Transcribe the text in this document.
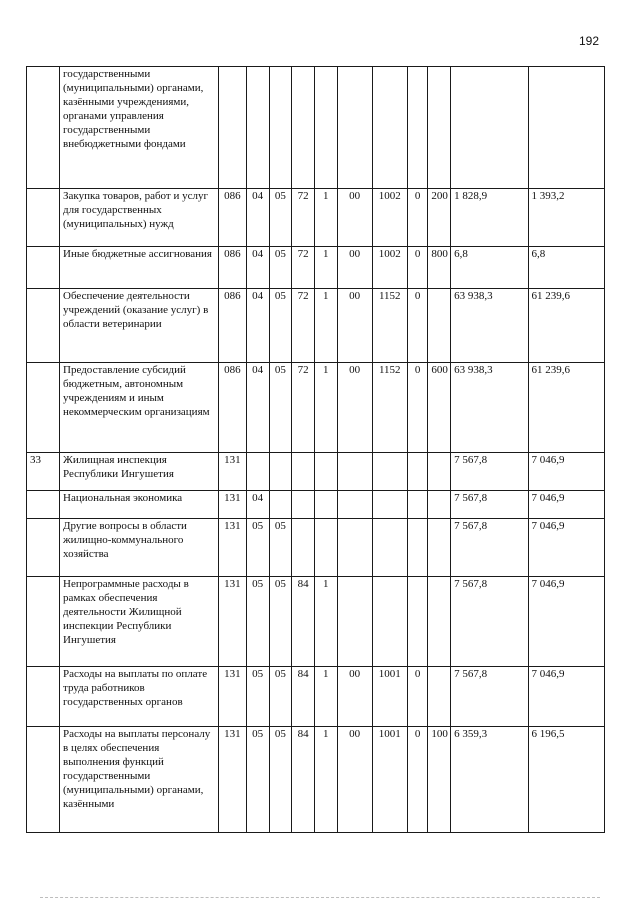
192
	государственными (муниципальными) органами, казёнными учреждениями, органами управления государственными внебюджетными фондами											
	Закупка товаров, работ и услуг для государственных (муниципальных) нужд	086	04	05	72	1	00	1002	0	200	1 828,9	1 393,2
	Иные бюджетные ассигнования	086	04	05	72	1	00	1002	0	800	6,8	6,8
	Обеспечение деятельности учреждений (оказание услуг) в области ветеринарии	086	04	05	72	1	00	1152	0		63 938,3	61 239,6
	Предоставление субсидий бюджетным, автономным учреждениям и иным некоммерческим организациям	086	04	05	72	1	00	1152	0	600	63 938,3	61 239,6
33	Жилищная инспекция Республики Ингушетия	131									7 567,8	7 046,9
	Национальная экономика	131	04								7 567,8	7 046,9
	Другие вопросы в области жилищно-коммунального хозяйства	131	05	05							7 567,8	7 046,9
	Непрограммные расходы в рамках обеспечения деятельности Жилищной инспекции Республики Ингушетия	131	05	05	84	1					7 567,8	7 046,9
	Расходы на выплаты по оплате труда работников государственных органов	131	05	05	84	1	00	1001	0		7 567,8	7 046,9
	Расходы на выплаты персоналу в целях обеспечения выполнения функций государственными (муниципальными) органами, казёнными	131	05	05	84	1	00	1001	0	100	6 359,3	6 196,5
